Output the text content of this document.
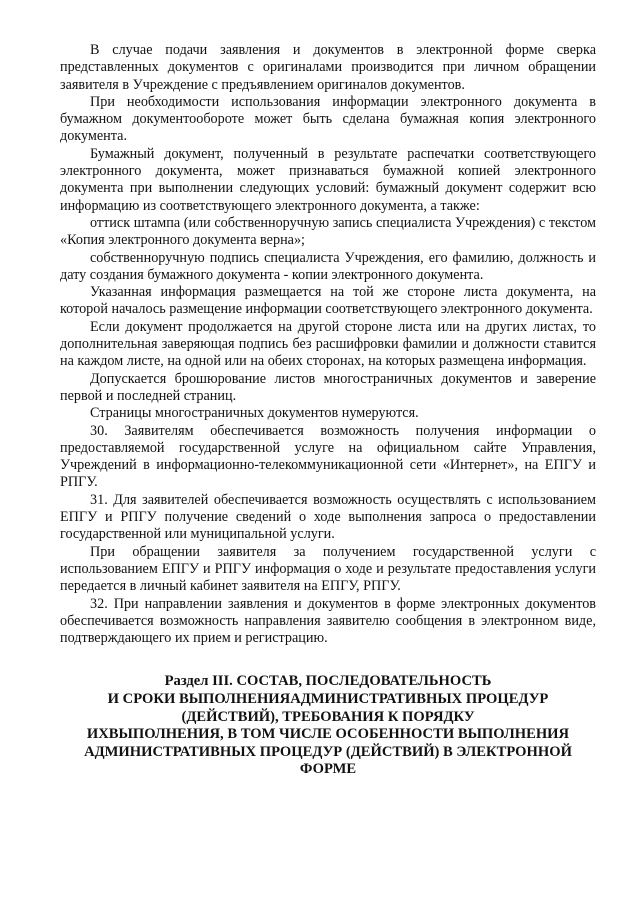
В случае подачи заявления и документов в электронной форме сверка представленных документов с оригиналами производится при личном обращении заявителя в Учреждение с предъявлением оригиналов документов.

При необходимости использования информации электронного документа в бумажном документообороте может быть сделана бумажная копия электронного документа.

Бумажный документ, полученный в результате распечатки соответствующего электронного документа, может признаваться бумажной копией электронного документа при выполнении следующих условий: бумажный документ содержит всю информацию из соответствующего электронного документа, а также:

оттиск штампа (или собственноручную запись специалиста Учреждения) с текстом «Копия электронного документа верна»;

собственноручную подпись специалиста Учреждения, его фамилию, должность и дату создания бумажного документа - копии электронного документа.

Указанная информация размещается на той же стороне листа документа, на которой началось размещение информации соответствующего электронного документа.

Если документ продолжается на другой стороне листа или на других листах, то дополнительная заверяющая подпись без расшифровки фамилии и должности ставится на каждом листе, на одной или на обеих сторонах, на которых размещена информация.

Допускается брошюрование листов многостраничных документов и заверение первой и последней страниц.

Страницы многостраничных документов нумеруются.

30. Заявителям обеспечивается возможность получения информации о предоставляемой государственной услуге на официальном сайте Управления, Учреждений в информационно-телекоммуникационной сети «Интернет», на ЕПГУ и РПГУ.

31. Для заявителей обеспечивается возможность осуществлять с использованием ЕПГУ и РПГУ получение сведений о ходе выполнения запроса о предоставлении государственной или муниципальной услуги.

При обращении заявителя за получением государственной услуги с использованием ЕПГУ и РПГУ информация о ходе и результате предоставления услуги передается в личный кабинет заявителя на ЕПГУ, РПГУ.

32. При направлении заявления и документов в форме электронных документов обеспечивается возможность направления заявителю сообщения в электронном виде, подтверждающего их прием и регистрацию.

Раздел III. СОСТАВ, ПОСЛЕДОВАТЕЛЬНОСТЬ
И СРОКИ ВЫПОЛНЕНИЯАДМИНИСТРАТИВНЫХ ПРОЦЕДУР
(ДЕЙСТВИЙ), ТРЕБОВАНИЯ К ПОРЯДКУ
ИХВЫПОЛНЕНИЯ, В ТОМ ЧИСЛЕ ОСОБЕННОСТИ ВЫПОЛНЕНИЯ
АДМИНИСТРАТИВНЫХ ПРОЦЕДУР (ДЕЙСТВИЙ) В ЭЛЕКТРОННОЙ
ФОРМЕ
